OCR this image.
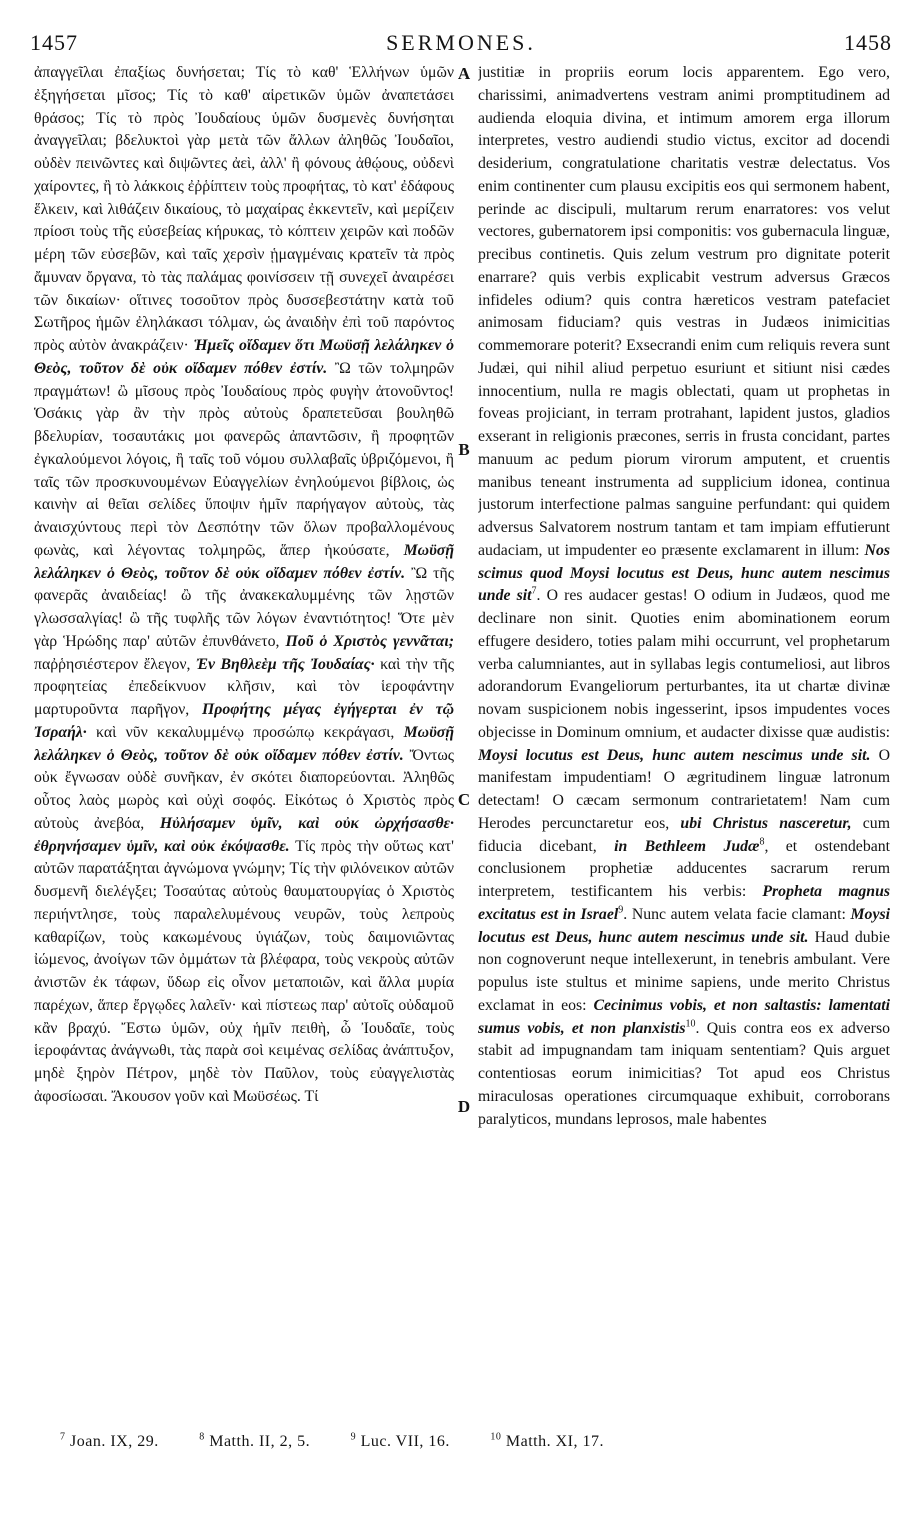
1457	SERMONES.	1458

ἀπαγγεῖλαι ἐπαξίως δυνήσεται; Τίς τὸ καθ' Ἑλλήνων ὑμῶν ἐξηγήσεται μῖσος; Τίς τὸ καθ' αἱρετικῶν ὑμῶν ἀναπετάσει θράσος; Τίς τὸ πρὸς Ἰουδαίους ὑμῶν δυσμενὲς δυνήσηται ἀναγγεῖλαι; βδελυκτοὶ γὰρ μετὰ τῶν ἄλλων ἀληθῶς Ἰουδαῖοι, οὐδὲν πεινῶντες καὶ διψῶντες ἀεὶ, ἀλλ' ἢ φόνους ἀθῴους, οὐδενὶ χαίροντες, ἢ τὸ λάκκοις ἐῤῥίπτειν τοὺς προφήτας, τὸ κατ' ἐδάφους ἕλκειν, καὶ λιθάζειν δικαίους, τὸ μαχαίρας ἐκκεντεῖν, καὶ μερίζειν πρίοσι τοὺς τῆς εὐσεβείας κήρυκας, τὸ κόπτειν χειρῶν καὶ ποδῶν μέρη τῶν εὐσεβῶν, καὶ ταῖς χερσὶν ᾑμαγμέναις κρατεῖν τὰ πρὸς ἄμυναν ὄργανα, τὸ τὰς παλάμας φοινίσσειν τῇ συνεχεῖ ἀναιρέσει τῶν δικαίων· οἵτινες τοσοῦτον πρὸς δυσσεβεστάτην κατὰ τοῦ Σωτῆρος ἡμῶν ἐληλάκασι τόλμαν, ὡς ἀναιδὴν ἐπὶ τοῦ παρόντος πρὸς αὐτὸν ἀνακράζειν· Ἡμεῖς οἴδαμεν ὅτι Μωϋσῇ λελάληκεν ὁ Θεὸς, τοῦτον δὲ οὐκ οἴδαμεν πόθεν ἐστίν. Ὢ τῶν τολμηρῶν πραγμάτων! ὢ μῖσους πρὸς Ἰουδαίους πρὸς φυγὴν ἀτονοῦντος! Ὁσάκις γὰρ ἂν τὴν πρὸς αὐτοὺς δραπετεῦσαι βουληθῶ βδελυρίαν, τοσαυτάκις μοι φανερῶς ἀπαντῶσιν, ἢ προφητῶν ἐγκαλούμενοι λόγοις, ἢ ταῖς τοῦ νόμου συλλαβαῖς ὑβριζόμενοι, ἢ ταῖς τῶν προσκυνουμένων Εὐαγγελίων ἐνηλούμενοι βίβλοις, ὡς καινὴν αἱ θεῖαι σελίδες ὕποψιν ἡμῖν παρήγαγον αὐτοὺς, τὰς ἀναισχύντους περὶ τὸν Δεσπότην τῶν ὅλων προβαλλομένους φωνὰς, καὶ λέγοντας τολμηρῶς, ἅπερ ἠκούσατε, Μωϋσῇ λελάληκεν ὁ Θεὸς, τοῦτον δὲ οὐκ οἴδαμεν πόθεν ἐστίν. Ὢ τῆς φανερᾶς ἀναιδείας! ὢ τῆς ἀνακεκαλυμμένης τῶν λῃστῶν γλωσσαλγίας! ὢ τῆς τυφλῆς τῶν λόγων ἐναντιότητος! Ὅτε μὲν γὰρ Ἡρώδης παρ' αὐτῶν ἐπυνθάνετο, Ποῦ ὁ Χριστὸς γεννᾶται; παῤῥησιέστερον ἔλεγον, Ἐν Βηθλεὲμ τῆς Ἰουδαίας· καὶ τὴν τῆς προφητείας ἐπεδείκνυον κλῆσιν, καὶ τὸν ἱεροφάντην μαρτυροῦντα παρῆγον, Προφήτης μέγας ἐγήγερται ἐν τῷ Ἰσραήλ· καὶ νῦν κεκαλυμμένῳ προσώπῳ κεκράγασι, Μωϋσῇ λελάληκεν ὁ Θεὸς, τοῦτον δὲ οὐκ οἴδαμεν πόθεν ἐστίν. Ὄντως οὐκ ἔγνωσαν οὐδὲ συνῆκαν, ἐν σκότει διαπορεύονται. Ἀληθῶς οὗτος λαὸς μωρὸς καὶ οὐχὶ σοφός. Εἰκότως ὁ Χριστὸς πρὸς αὐτοὺς ἀνεβόα, Ηὐλήσαμεν ὑμῖν, καὶ οὐκ ὠρχήσασθε· ἐθρηνήσαμεν ὑμῖν, καὶ οὐκ ἐκόψασθε. Τίς πρὸς τὴν οὕτως κατ' αὐτῶν παρατάξηται ἀγνώμονα γνώμην; Τίς τὴν φιλόνεικον αὐτῶν δυσμενῆ διελέγξει; Τοσαύτας αὐτοὺς θαυματουργίας ὁ Χριστὸς περιήντλησε, τοὺς παραλελυμένους νευρῶν, τοὺς λεπροὺς καθαρίζων, τοὺς κακωμένους ὑγιάζων, τοὺς δαιμονιῶντας ἰώμενος, ἀνοίγων τῶν ὀμμάτων τὰ βλέφαρα, τοὺς νεκροὺς αὐτῶν ἀνιστῶν ἐκ τάφων, ὕδωρ εἰς οἶνον μεταποιῶν, καὶ ἄλλα μυρία παρέχων, ἅπερ ἔργῳδες λαλεῖν· καὶ πίστεως παρ' αὐτοῖς οὐδαμοῦ κἂν βραχύ. Ἔστω ὑμῶν, οὐχ ἡμῖν πειθὴ, ὦ Ἰουδαῖε, τοὺς ἱεροφάντας ἀνάγνωθι, τὰς παρὰ σοὶ κειμένας σελίδας ἀνάπτυξον, μηδὲ ξηρὸν Πέτρον, μηδὲ τὸν Παῦλον, τοὺς εὐαγγελιστὰς ἀφοσίωσαι. Ἄκουσον γοῦν καὶ Μωϋσέως. Τί

A
B
C
D

justitiæ in propriis eorum locis apparentem. Ego vero, charissimi, animadvertens vestram animi promptitudinem ad audienda eloquia divina, et intimum amorem erga illorum interpretes, vestro audiendi studio victus, excitor ad docendi desiderium, congratulatione charitatis vestræ delectatus. Vos enim continenter cum plausu excipitis eos qui sermonem habent, perinde ac discipuli, multarum rerum enarratores: vos velut vectores, gubernatorem ipsi componitis: vos gubernacula linguæ, precibus continetis. Quis zelum vestrum pro dignitate poterit enarrare? quis verbis explicabit vestrum adversus Græcos infideles odium? quis contra hæreticos vestram patefaciet animosam fiduciam? quis vestras in Judæos inimicitias commemorare poterit? Exsecrandi enim cum reliquis revera sunt Judæi, qui nihil aliud perpetuo esuriunt et sitiunt nisi cædes innocentium, nulla re magis oblectati, quam ut prophetas in foveas projiciant, in terram protrahant, lapident justos, gladios exserant in religionis præcones, serris in frusta concidant, partes manuum ac pedum piorum virorum amputent, et cruentis manibus teneant instrumenta ad supplicium idonea, continua justorum interfectione palmas sanguine perfundant: qui quidem adversus Salvatorem nostrum tantam et tam impiam effutierunt audaciam, ut impudenter eo præsente exclamarent in illum: Nos scimus quod Moysi locutus est Deus, hunc autem nescimus unde sit$^7$. O res audacer gestas! O odium in Judæos, quod me declinare non sinit. Quoties enim abominationem eorum effugere desidero, toties palam mihi occurrunt, vel prophetarum verba calumniantes, aut in syllabas legis contumeliosi, aut libros adorandorum Evangeliorum perturbantes, ita ut chartæ divinæ novam suspicionem nobis ingesserint, ipsos impudentes voces objecisse in Dominum omnium, et audacter dixisse quæ audistis: Moysi locutus est Deus, hunc autem nescimus unde sit. O manifestam impudentiam! O ægritudinem linguæ latronum detectam! O cæcam sermonum contrarietatem! Nam cum Herodes percunctaretur eos, ubi Christus nasceretur, cum fiducia dicebant, in Bethleem Judæ$^8$, et ostendebant conclusionem prophetiæ adducentes sacrarum rerum interpretem, testificantem his verbis: Propheta magnus excitatus est in Israel$^9$. Nunc autem velata facie clamant: Moysi locutus est Deus, hunc autem nescimus unde sit. Haud dubie non cognoverunt neque intellexerunt, in tenebris ambulant. Vere populus iste stultus et minime sapiens, unde merito Christus exclamat in eos: Cecinimus vobis, et non saltastis: lamentati sumus vobis, et non planxistis$^{10}$. Quis contra eos ex adverso stabit ad impugnandam tam iniquam sententiam? Quis arguet contentiosas eorum inimicitias? Tot apud eos Christus miraculosas operationes circumquaque exhibuit, corroborans paralyticos, mundans leprosos, male habentes

$^7$ Joan. IX, 29.	$^8$ Matth. II, 2, 5.	$^9$ Luc. VII, 16.	$^{10}$ Matth. XI, 17.
